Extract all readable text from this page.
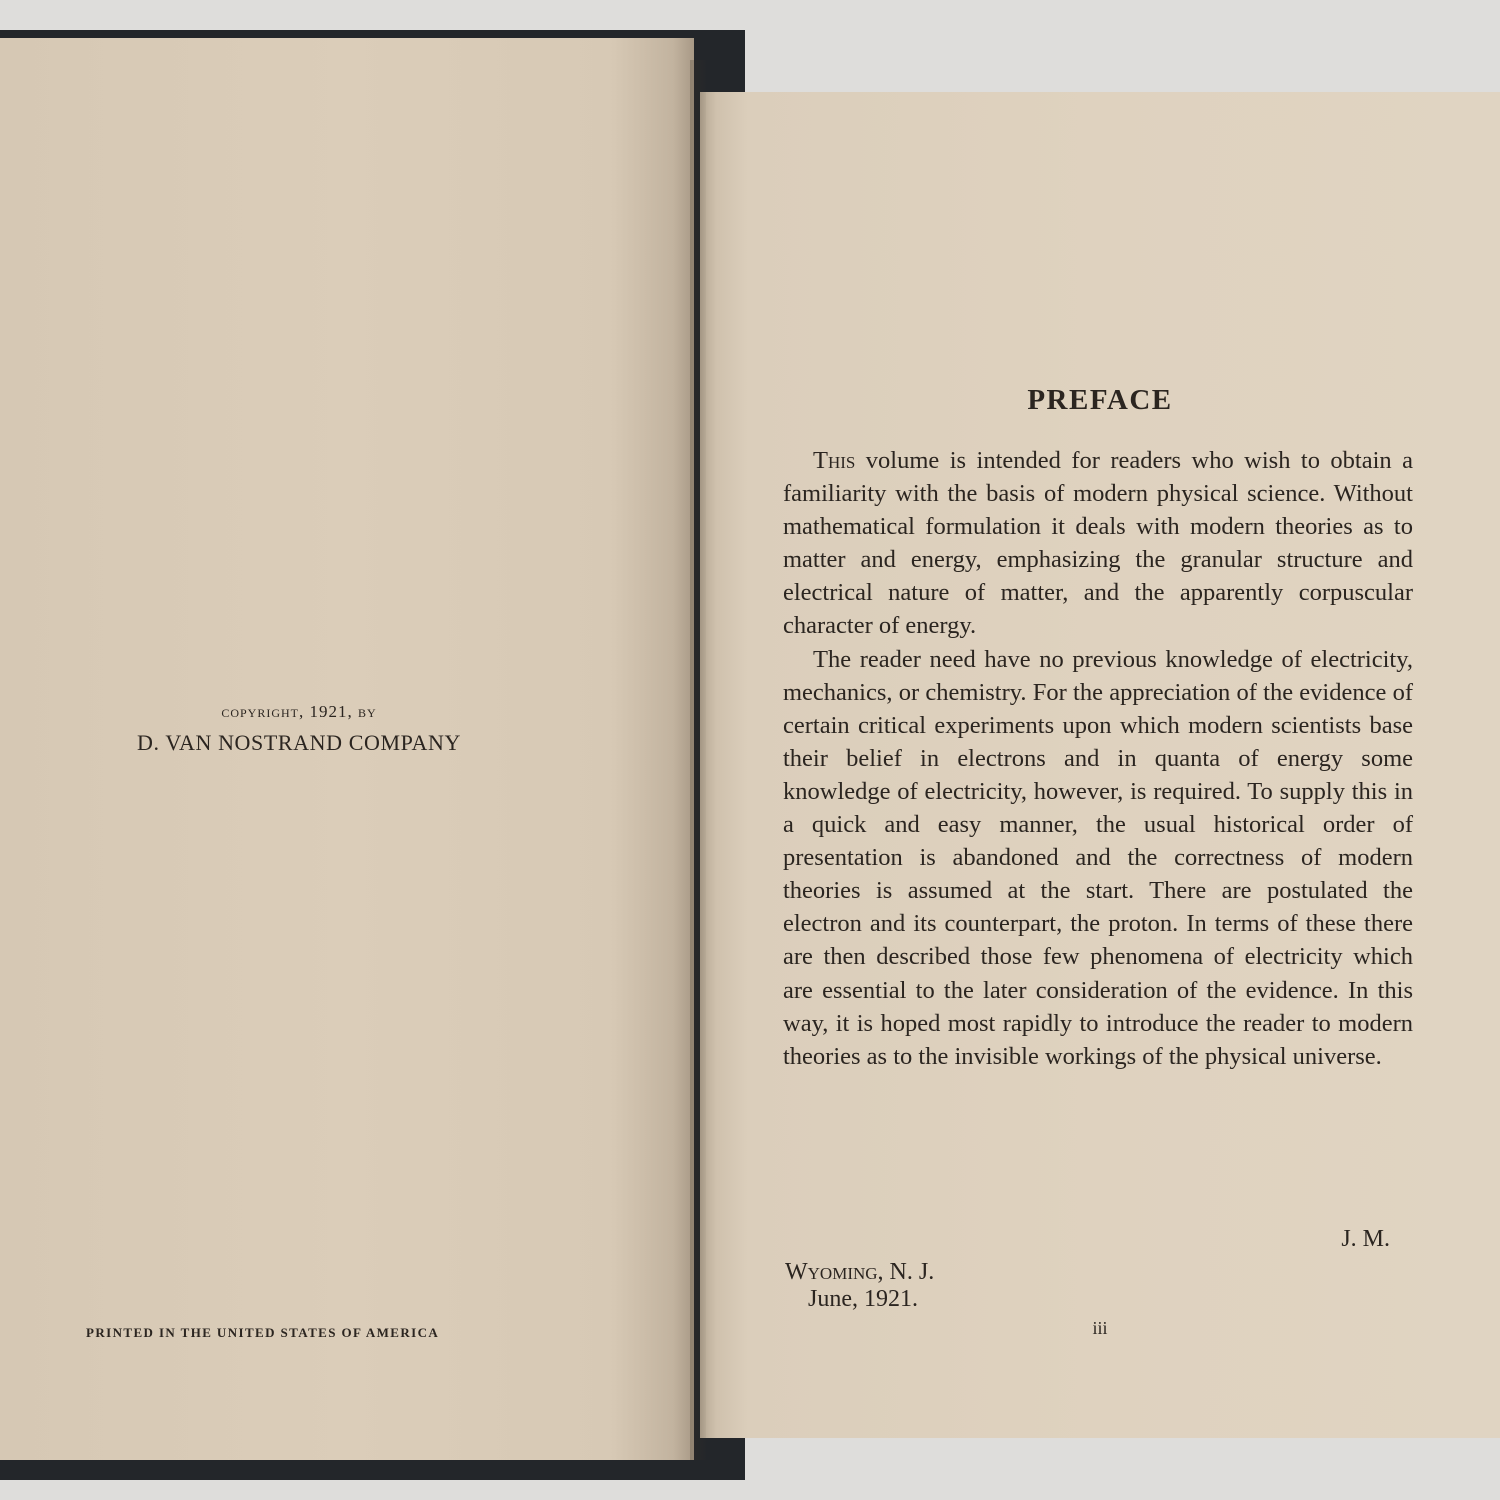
copyright, 1921, by

D. VAN NOSTRAND COMPANY

PRINTED IN THE UNITED STATES OF AMERICA

PREFACE

This volume is intended for readers who wish to obtain a familiarity with the basis of modern physical science. Without mathematical formulation it deals with modern theories as to matter and energy, emphasizing the granular structure and electrical nature of matter, and the apparently corpuscular character of energy.

The reader need have no previous knowledge of electricity, mechanics, or chemistry. For the appreciation of the evidence of certain critical experiments upon which modern scientists base their belief in electrons and in quanta of energy some knowledge of electricity, however, is required. To supply this in a quick and easy manner, the usual historical order of presentation is abandoned and the correctness of modern theories is assumed at the start. There are postulated the electron and its counterpart, the proton. In terms of these there are then described those few phenomena of electricity which are essential to the later consideration of the evidence. In this way, it is hoped most rapidly to introduce the reader to modern theories as to the invisible workings of the physical universe.

J. M.

Wyoming, N. J.

June, 1921.

iii
